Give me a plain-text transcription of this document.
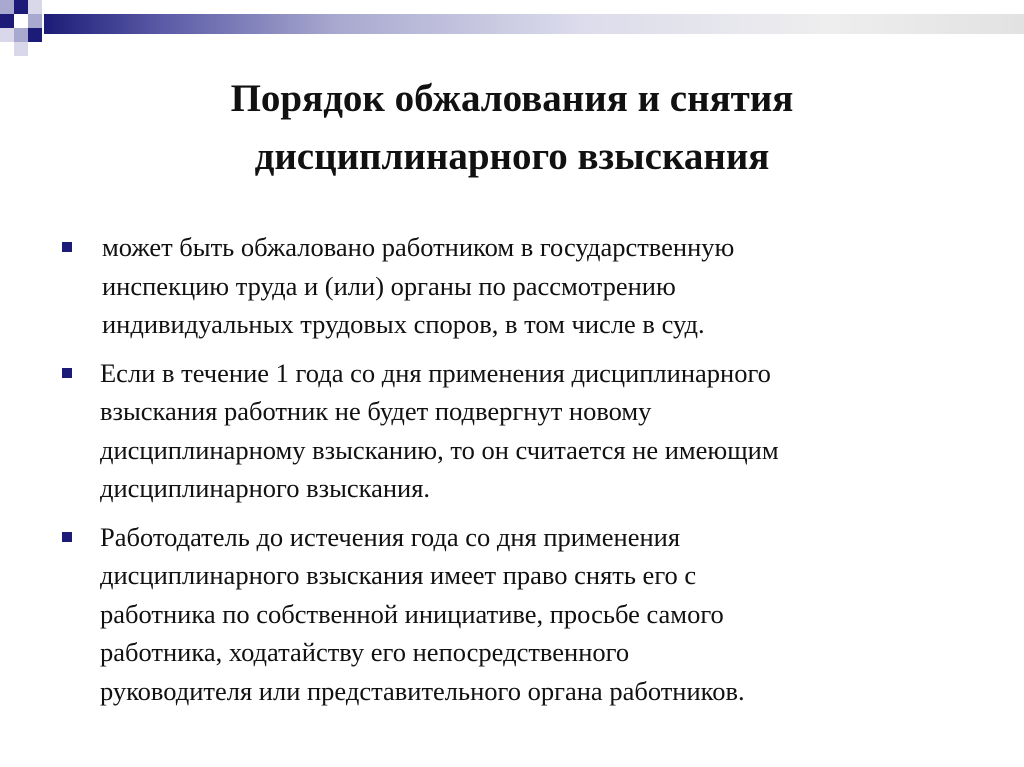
Порядок обжалования и снятия
дисциплинарного взыскания
может быть обжаловано работником в государственную
инспекцию труда и (или) органы по рассмотрению
индивидуальных трудовых споров, в том числе в суд.
Если в течение 1 года со дня применения дисциплинарного
взыскания работник не будет подвергнут новому
дисциплинарному взысканию, то он считается не имеющим
дисциплинарного взыскания.
Работодатель до истечения года со дня применения
дисциплинарного взыскания имеет право снять его с
работника по собственной инициативе, просьбе самого
работника, ходатайству его непосредственного
руководителя или представительного органа работников.
